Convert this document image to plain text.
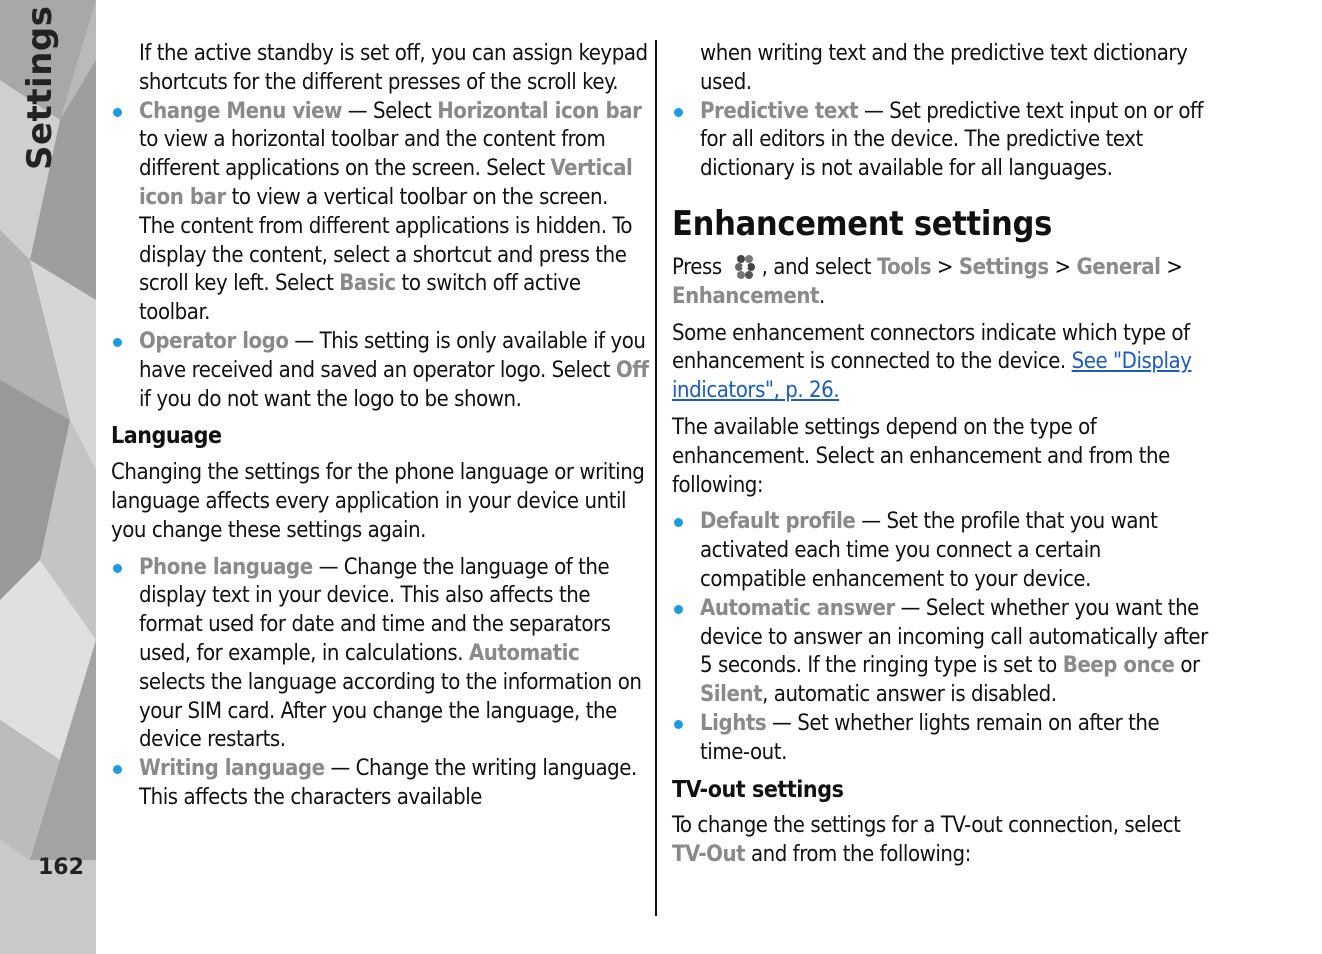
Settings
162

If the active standby is set off, you can assign keypad shortcuts for the different presses of the scroll key.

Change Menu view — Select Horizontal icon bar to view a horizontal toolbar and the content from different applications on the screen. Select Vertical icon bar to view a vertical toolbar on the screen. The content from different applications is hidden. To display the content, select a shortcut and press the scroll key left. Select Basic to switch off active toolbar.
Operator logo — This setting is only available if you have received and saved an operator logo. Select Off if you do not want the logo to be shown.

Language

Changing the settings for the phone language or writing language affects every application in your device until you change these settings again.

Phone language — Change the language of the display text in your device. This also affects the format used for date and time and the separators used, for example, in calculations. Automatic selects the language according to the information on your SIM card. After you change the language, the device restarts.
Writing language — Change the writing language. This affects the characters available

when writing text and the predictive text dictionary used.

Predictive text — Set predictive text input on or off for all editors in the device. The predictive text dictionary is not available for all languages.

Enhancement settings

Press , and select Tools > Settings > General > Enhancement.

Some enhancement connectors indicate which type of enhancement is connected to the device. See "Display indicators", p. 26.

The available settings depend on the type of enhancement. Select an enhancement and from the following:

Default profile — Set the profile that you want activated each time you connect a certain compatible enhancement to your device.
Automatic answer — Select whether you want the device to answer an incoming call automatically after 5 seconds. If the ringing type is set to Beep once or Silent, automatic answer is disabled.
Lights — Set whether lights remain on after the time-out.

TV-out settings

To change the settings for a TV-out connection, select TV-Out and from the following:
